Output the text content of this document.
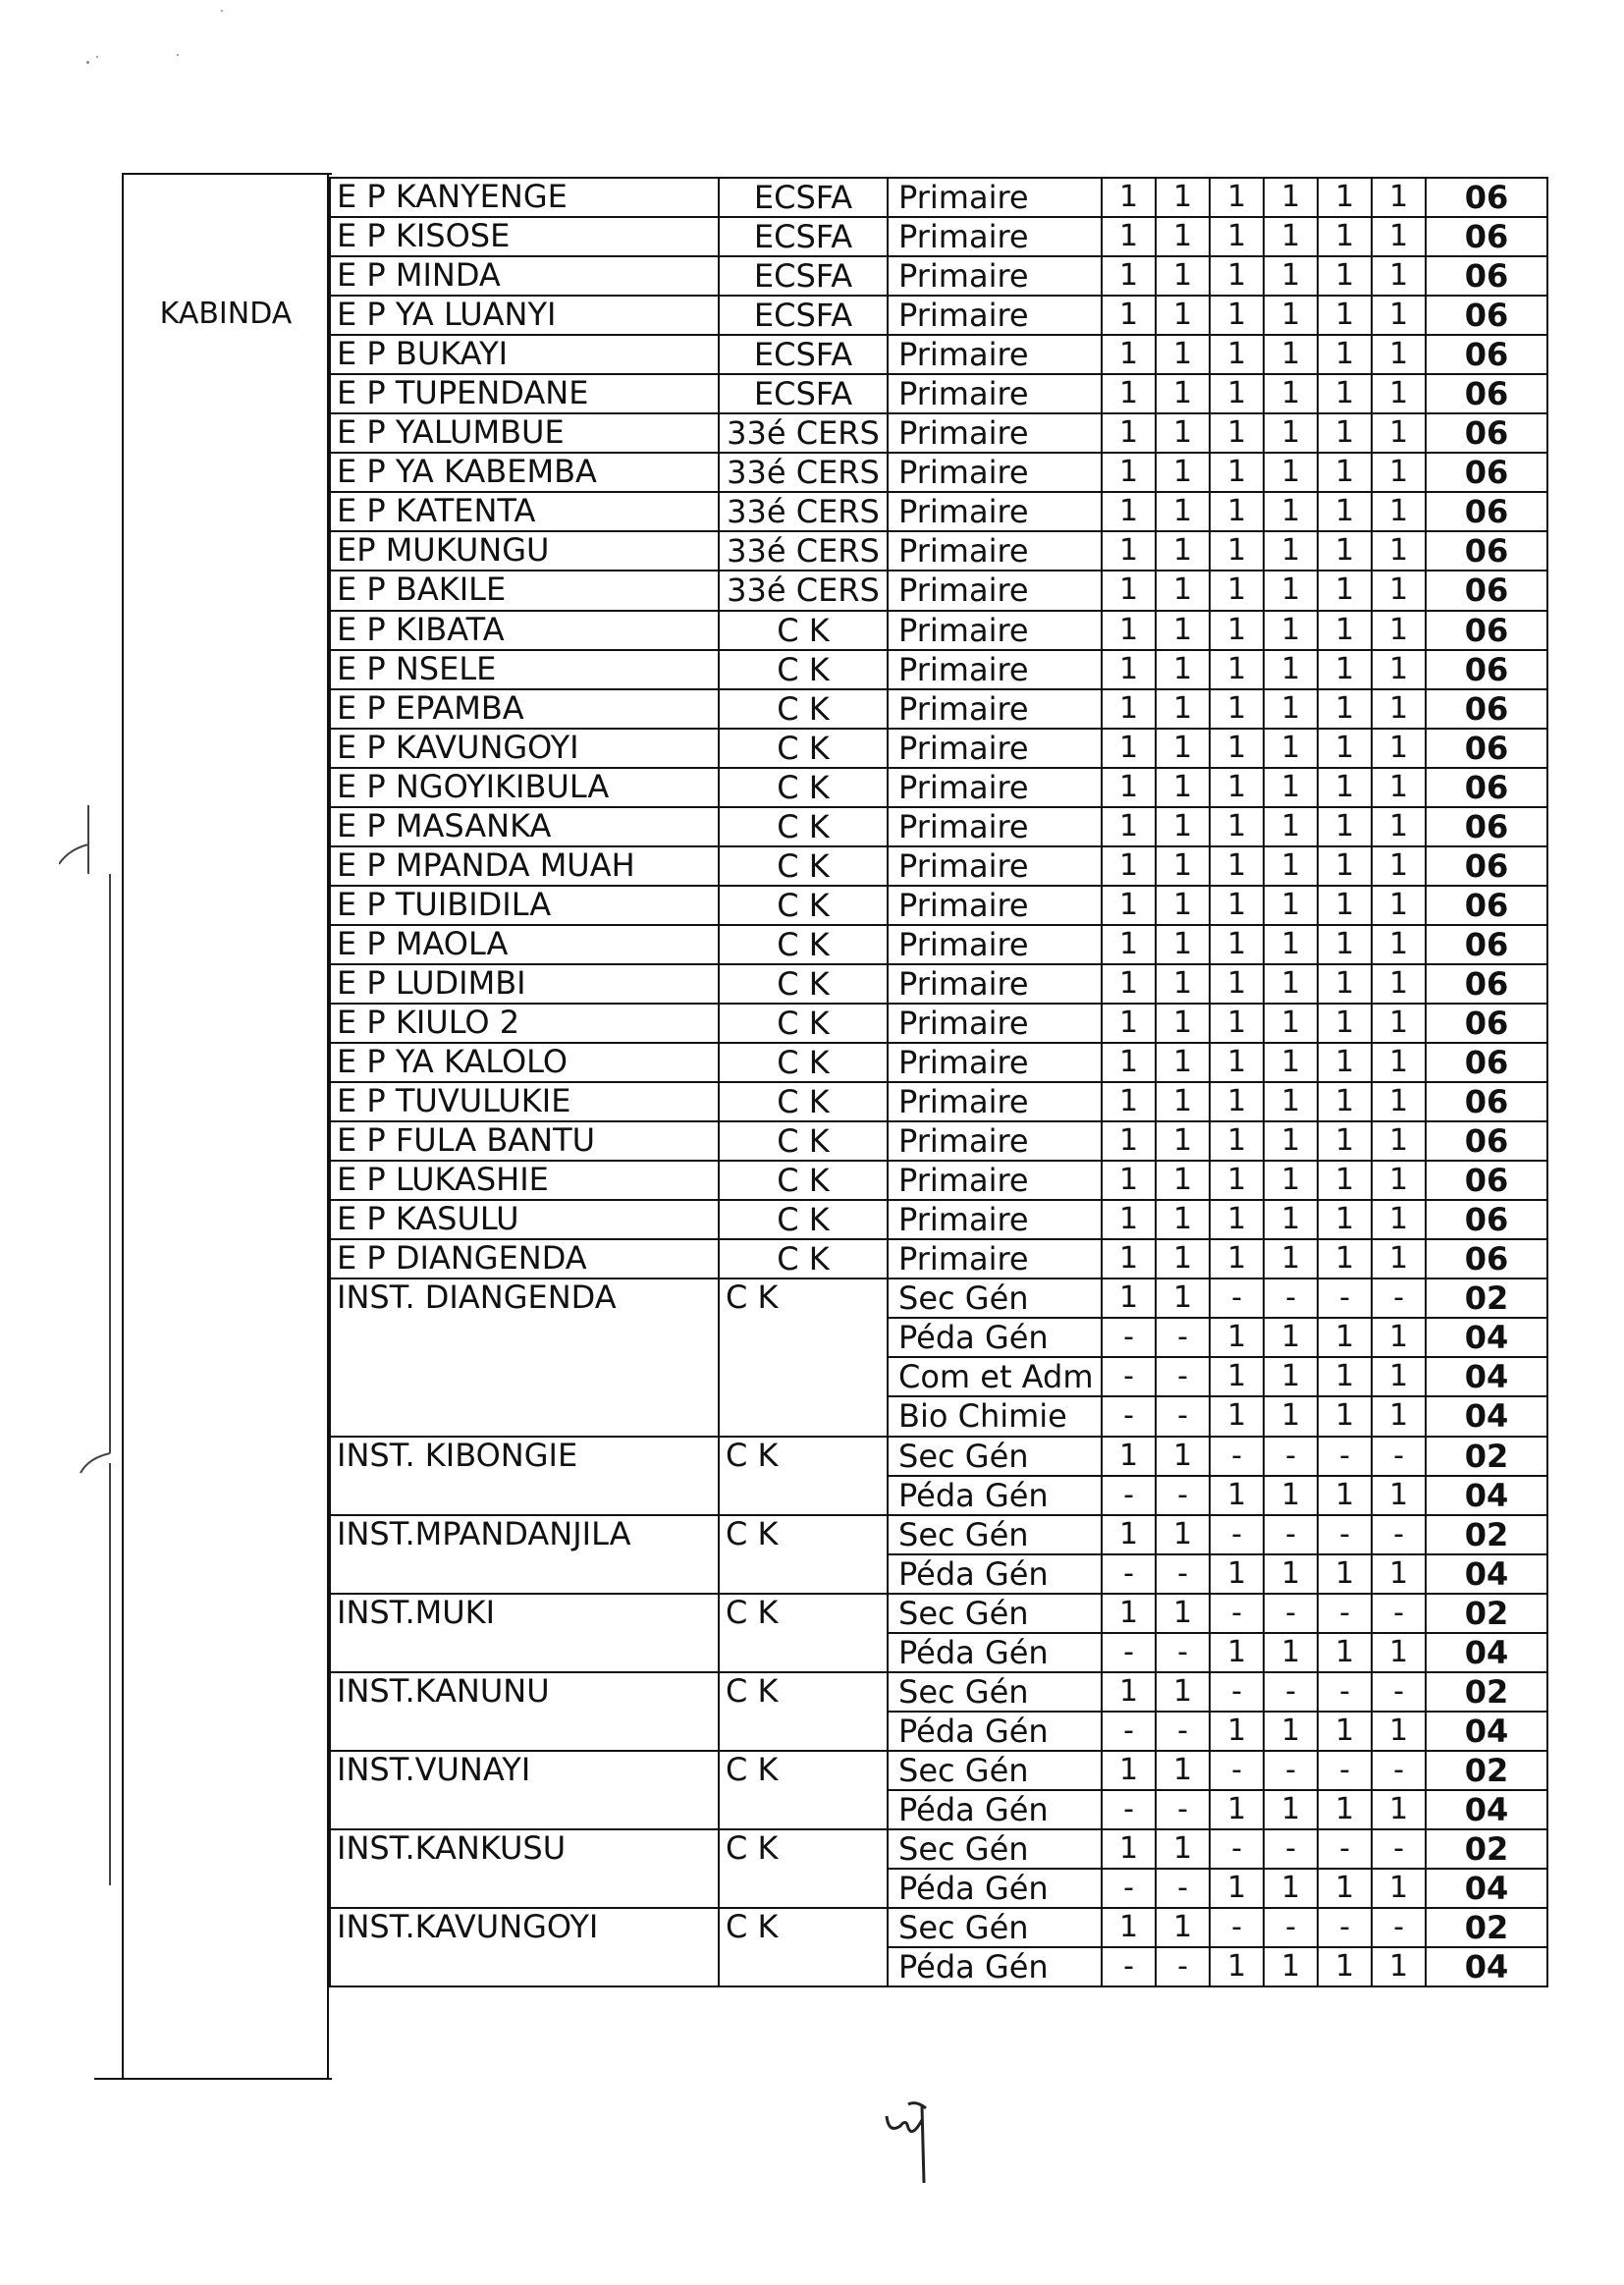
KABINDA
E P KANYENGE	ECSFA	Primaire	1	1	1	1	1	1	06
E P KISOSE	ECSFA	Primaire	1	1	1	1	1	1	06
E P MINDA	ECSFA	Primaire	1	1	1	1	1	1	06
E P YA LUANYI	ECSFA	Primaire	1	1	1	1	1	1	06
E P BUKAYI	ECSFA	Primaire	1	1	1	1	1	1	06
E P TUPENDANE	ECSFA	Primaire	1	1	1	1	1	1	06
E P YALUMBUE	33é CERS	Primaire	1	1	1	1	1	1	06
E P YA KABEMBA	33é CERS	Primaire	1	1	1	1	1	1	06
E P KATENTA	33é CERS	Primaire	1	1	1	1	1	1	06
EP MUKUNGU	33é CERS	Primaire	1	1	1	1	1	1	06
E P BAKILE	33é CERS	Primaire	1	1	1	1	1	1	06
E P KIBATA	C K	Primaire	1	1	1	1	1	1	06
E P NSELE	C K	Primaire	1	1	1	1	1	1	06
E P EPAMBA	C K	Primaire	1	1	1	1	1	1	06
E P KAVUNGOYI	C K	Primaire	1	1	1	1	1	1	06
E P NGOYIKIBULA	C K	Primaire	1	1	1	1	1	1	06
E P MASANKA	C K	Primaire	1	1	1	1	1	1	06
E P MPANDA MUAH	C K	Primaire	1	1	1	1	1	1	06
E P TUIBIDILA	C K	Primaire	1	1	1	1	1	1	06
E P MAOLA	C K	Primaire	1	1	1	1	1	1	06
E P LUDIMBI	C K	Primaire	1	1	1	1	1	1	06
E P KIULO 2	C K	Primaire	1	1	1	1	1	1	06
E P YA KALOLO	C K	Primaire	1	1	1	1	1	1	06
E P TUVULUKIE	C K	Primaire	1	1	1	1	1	1	06
E P FULA BANTU	C K	Primaire	1	1	1	1	1	1	06
E P LUKASHIE	C K	Primaire	1	1	1	1	1	1	06
E P KASULU	C K	Primaire	1	1	1	1	1	1	06
E P DIANGENDA	C K	Primaire	1	1	1	1	1	1	06
INST. DIANGENDA	C K	Sec Gén	1	1	-	-	-	-	02
		Péda Gén	-	-	1	1	1	1	04
		Com et Adm	-	-	1	1	1	1	04
		Bio Chimie	-	-	1	1	1	1	04
INST. KIBONGIE	C K	Sec Gén	1	1	-	-	-	-	02
		Péda Gén	-	-	1	1	1	1	04
INST.MPANDANJILA	C K	Sec Gén	1	1	-	-	-	-	02
		Péda Gén	-	-	1	1	1	1	04
INST.MUKI	C K	Sec Gén	1	1	-	-	-	-	02
		Péda Gén	-	-	1	1	1	1	04
INST.KANUNU	C K	Sec Gén	1	1	-	-	-	-	02
		Péda Gén	-	-	1	1	1	1	04
INST.VUNAYI	C K	Sec Gén	1	1	-	-	-	-	02
		Péda Gén	-	-	1	1	1	1	04
INST.KANKUSU	C K	Sec Gén	1	1	-	-	-	-	02
		Péda Gén	-	-	1	1	1	1	04
INST.KAVUNGOYI	C K	Sec Gén	1	1	-	-	-	-	02
		Péda Gén	-	-	1	1	1	1	04
